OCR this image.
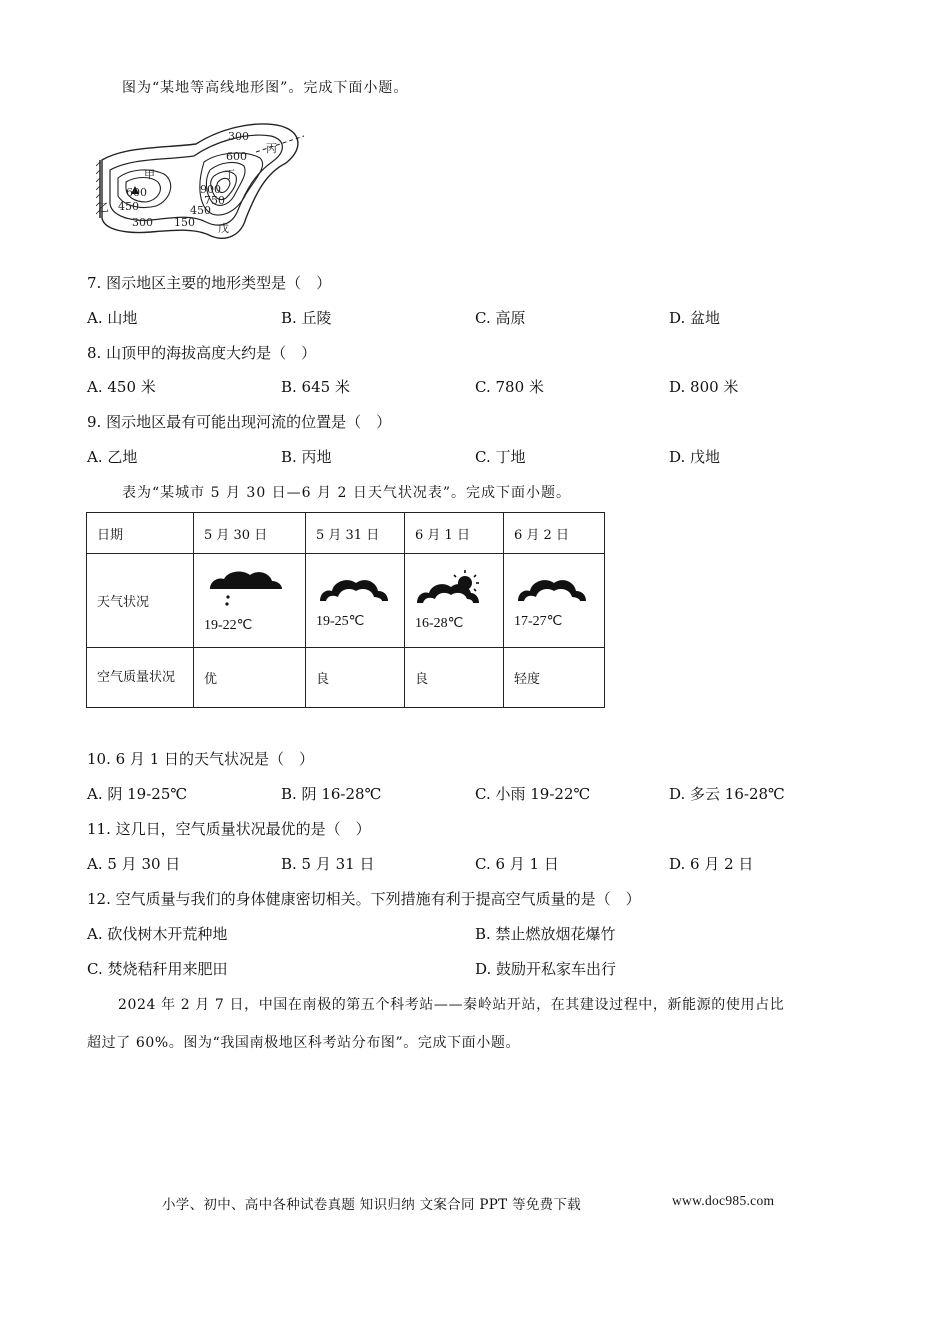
图为“某地等高线地形图”。完成下面小题。
甲
乙
丙
丁
戊
300
600
600
450
900
750
450
300 150
7. 图示地区主要的地形类型是（　）
A. 山地	B. 丘陵	C. 高原	D. 盆地
8. 山顶甲的海拔高度大约是（　）
A. 450 米	B. 645 米	C. 780 米	D. 800 米
9. 图示地区最有可能出现河流的位置是（　）
A. 乙地	B. 丙地	C. 丁地	D. 戊地
表为“某城市 5 月 30 日—6 月 2 日天气状况表”。完成下面小题。
日期	5 月 30 日	5 月 31 日	6 月 1 日	6 月 2 日
天气状况	19-22℃	19-25℃	16-28℃	17-27℃

空气质量状况	优	良	良	轻度
10. 6 月 1 日的天气状况是（　）
A. 阴 19-25℃	B. 阴 16-28℃	C. 小雨 19-22℃	D. 多云 16-28℃
11. 这几日，空气质量状况最优的是（　）
A. 5 月 30 日	B. 5 月 31 日	C. 6 月 1 日	D. 6 月 2 日
12. 空气质量与我们的身体健康密切相关。下列措施有利于提高空气质量的是（　）
A. 砍伐树木开荒种地	B. 禁止燃放烟花爆竹
C. 焚烧秸秆用来肥田	D. 鼓励开私家车出行
2024 年 2 月 7 日，中国在南极的第五个科考站——秦岭站开站，在其建设过程中，新能源的使用占比
超过了 60%。图为“我国南极地区科考站分布图”。完成下面小题。
小学、初中、高中各种试卷真题 知识归纳 文案合同 PPT 等免费下载	www.doc985.com
